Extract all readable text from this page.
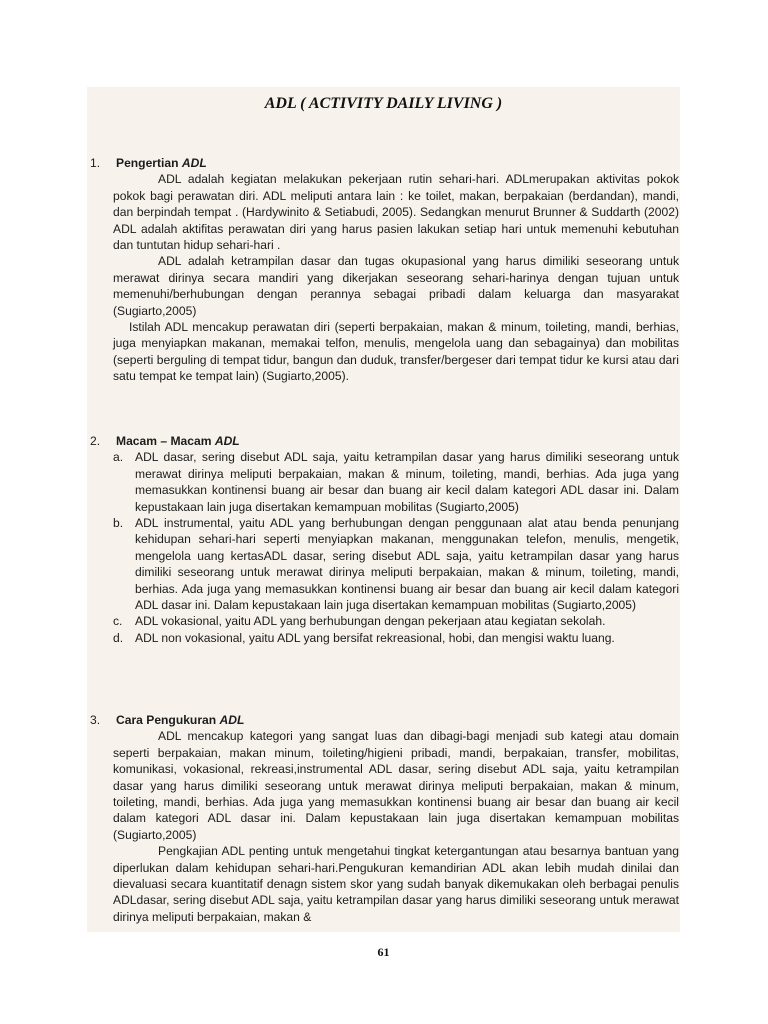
ADL ( ACTIVITY DAILY LIVING )
1.	Pengertian ADL

ADL adalah kegiatan melakukan pekerjaan rutin sehari-hari. ADLmerupakan aktivitas pokok pokok bagi perawatan diri. ADL meliputi antara lain : ke toilet, makan, berpakaian (berdandan), mandi, dan berpindah tempat . (Hardywinito & Setiabudi, 2005). Sedangkan menurut Brunner & Suddarth (2002) ADL adalah aktifitas perawatan diri yang harus pasien lakukan setiap hari untuk memenuhi kebutuhan dan tuntutan hidup sehari-hari .

ADL adalah ketrampilan dasar dan tugas okupasional yang harus dimiliki seseorang untuk merawat dirinya secara mandiri yang dikerjakan seseorang sehari-harinya dengan tujuan untuk memenuhi/berhubungan dengan perannya sebagai pribadi dalam keluarga dan masyarakat (Sugiarto,2005)

Istilah ADL mencakup perawatan diri (seperti berpakaian, makan & minum, toileting, mandi, berhias, juga menyiapkan makanan, memakai telfon, menulis, mengelola uang dan sebagainya) dan mobilitas (seperti berguling di tempat tidur, bangun dan duduk, transfer/bergeser dari tempat tidur ke kursi atau dari satu tempat ke tempat lain) (Sugiarto,2005).

2.	Macam – Macam ADL
a. ADL dasar, sering disebut ADL saja, yaitu ketrampilan dasar yang harus dimiliki seseorang untuk merawat dirinya meliputi berpakaian, makan & minum, toileting, mandi, berhias. Ada juga yang memasukkan kontinensi buang air besar dan buang air kecil dalam kategori ADL dasar ini. Dalam kepustakaan lain juga disertakan kemampuan mobilitas (Sugiarto,2005)
b. ADL instrumental, yaitu ADL yang berhubungan dengan penggunaan alat atau benda penunjang kehidupan sehari-hari seperti menyiapkan makanan, menggunakan telefon, menulis, mengetik, mengelola uang kertasADL dasar, sering disebut ADL saja, yaitu ketrampilan dasar yang harus dimiliki seseorang untuk merawat dirinya meliputi berpakaian, makan & minum, toileting, mandi, berhias. Ada juga yang memasukkan kontinensi buang air besar dan buang air kecil dalam kategori ADL dasar ini. Dalam kepustakaan lain juga disertakan kemampuan mobilitas (Sugiarto,2005)
c.	ADL vokasional, yaitu ADL yang berhubungan dengan pekerjaan atau kegiatan sekolah.
d. ADL non vokasional, yaitu ADL yang bersifat rekreasional, hobi, dan mengisi waktu luang.
3.	Cara Pengukuran ADL

ADL mencakup kategori yang sangat luas dan dibagi-bagi menjadi sub kategi atau domain seperti berpakaian, makan minum, toileting/higieni pribadi, mandi, berpakaian, transfer, mobilitas, komunikasi, vokasional, rekreasi,instrumental ADL dasar, sering disebut ADL saja, yaitu ketrampilan dasar yang harus dimiliki seseorang untuk merawat dirinya meliputi berpakaian, makan & minum, toileting, mandi, berhias. Ada juga yang memasukkan kontinensi buang air besar dan buang air kecil dalam kategori ADL dasar ini. Dalam kepustakaan lain juga disertakan kemampuan mobilitas (Sugiarto,2005)

Pengkajian ADL penting untuk mengetahui tingkat ketergantungan atau besarnya bantuan yang diperlukan dalam kehidupan sehari-hari.Pengukuran kemandirian ADL akan lebih mudah dinilai dan dievaluasi secara kuantitatif denagn sistem skor yang sudah banyak dikemukakan oleh berbagai penulis ADLdasar, sering disebut ADL saja, yaitu ketrampilan dasar yang harus dimiliki seseorang untuk merawat dirinya meliputi berpakaian, makan &

61
